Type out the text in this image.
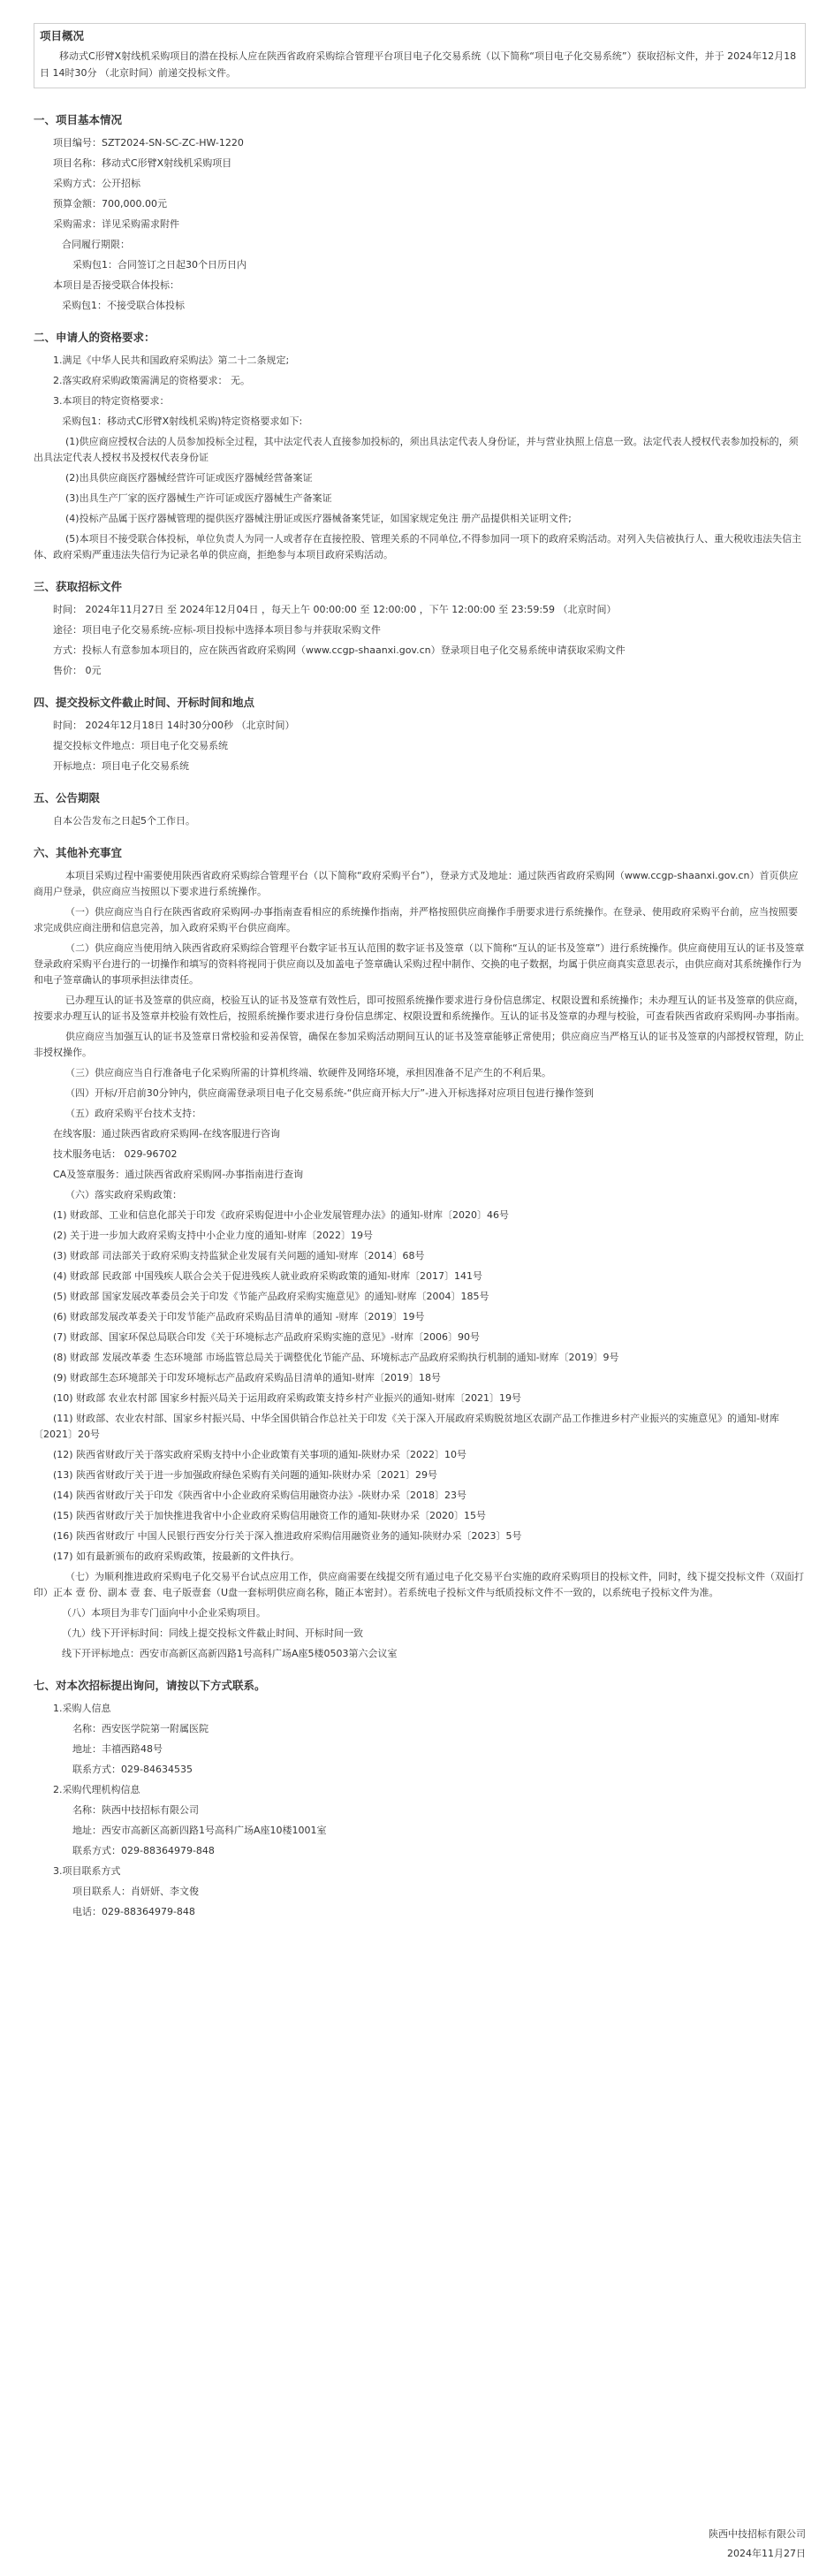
项目概况

移动式C形臂X射线机采购项目的潜在投标人应在陕西省政府采购综合管理平台项目电子化交易系统（以下简称“项目电子化交易系统”）获取招标文件，并于 2024年12月18日 14时30分 （北京时间）前递交投标文件。

一、项目基本情况

项目编号：SZT2024-SN-SC-ZC-HW-1220

项目名称：移动式C形臂X射线机采购项目

采购方式：公开招标

预算金额：700,000.00元

采购需求：详见采购需求附件

合同履行期限：

采购包1：合同签订之日起30个日历日内

本项目是否接受联合体投标：

采购包1：不接受联合体投标

二、申请人的资格要求：

1.满足《中华人民共和国政府采购法》第二十二条规定;

2.落实政府采购政策需满足的资格要求： 无。

3.本项目的特定资格要求：

采购包1：移动式C形臂X射线机采购)特定资格要求如下:

(1)供应商应授权合法的人员参加投标全过程，其中法定代表人直接参加投标的，须出具法定代表人身份证，并与营业执照上信息一致。法定代表人授权代表参加投标的，须出具法定代表人授权书及授权代表身份证

(2)出具供应商医疗器械经营许可证或医疗器械经营备案证

(3)出具生产厂家的医疗器械生产许可证或医疗器械生产备案证

(4)投标产品属于医疗器械管理的提供医疗器械注册证或医疗器械备案凭证，如国家规定免注 册产品提供相关证明文件;

(5)本项目不接受联合体投标，单位负责人为同一人或者存在直接控股、管理关系的不同单位,不得参加同一项下的政府采购活动。对列入失信被执行人、重大税收违法失信主体、政府采购严重违法失信行为记录名单的供应商，拒绝参与本项目政府采购活动。

三、获取招标文件

时间： 2024年11月27日 至 2024年12月04日 ，每天上午 00:00:00 至 12:00:00 ，下午 12:00:00 至 23:59:59 （北京时间）

途径：项目电子化交易系统-应标-项目投标中选择本项目参与并获取采购文件

方式：投标人有意参加本项目的，应在陕西省政府采购网（www.ccgp-shaanxi.gov.cn）登录项目电子化交易系统申请获取采购文件

售价： 0元

四、提交投标文件截止时间、开标时间和地点

时间： 2024年12月18日 14时30分00秒 （北京时间）

提交投标文件地点：项目电子化交易系统

开标地点：项目电子化交易系统

五、公告期限

自本公告发布之日起5个工作日。

六、其他补充事宜

本项目采购过程中需要使用陕西省政府采购综合管理平台（以下简称“政府采购平台”），登录方式及地址：通过陕西省政府采购网（www.ccgp-shaanxi.gov.cn）首页供应商用户登录，供应商应当按照以下要求进行系统操作。

（一）供应商应当自行在陕西省政府采购网-办事指南查看相应的系统操作指南，并严格按照供应商操作手册要求进行系统操作。在登录、使用政府采购平台前，应当按照要求完成供应商注册和信息完善，加入政府采购平台供应商库。

（二）供应商应当使用纳入陕西省政府采购综合管理平台数字证书互认范围的数字证书及签章（以下简称“互认的证书及签章”）进行系统操作。供应商使用互认的证书及签章登录政府采购平台进行的一切操作和填写的资料将视同于供应商以及加盖电子签章确认采购过程中制作、交换的电子数据，均属于供应商真实意思表示，由供应商对其系统操作行为和电子签章确认的事项承担法律责任。

已办理互认的证书及签章的供应商，校验互认的证书及签章有效性后，即可按照系统操作要求进行身份信息绑定、权限设置和系统操作；未办理互认的证书及签章的供应商，按要求办理互认的证书及签章并校验有效性后，按照系统操作要求进行身份信息绑定、权限设置和系统操作。互认的证书及签章的办理与校验，可查看陕西省政府采购网-办事指南。

供应商应当加强互认的证书及签章日常校验和妥善保管，确保在参加采购活动期间互认的证书及签章能够正常使用；供应商应当严格互认的证书及签章的内部授权管理，防止非授权操作。

（三）供应商应当自行准备电子化采购所需的计算机终端、软硬件及网络环境，承担因准备不足产生的不利后果。

（四）开标/开启前30分钟内，供应商需登录项目电子化交易系统-“供应商开标大厅”-进入开标选择对应项目包进行操作签到

（五）政府采购平台技术支持：

在线客服：通过陕西省政府采购网-在线客服进行咨询

技术服务电话： 029-96702

CA及签章服务：通过陕西省政府采购网-办事指南进行查询

（六）落实政府采购政策：

(1) 财政部、工业和信息化部关于印发《政府采购促进中小企业发展管理办法》的通知-财库〔2020〕46号

(2) 关于进一步加大政府采购支持中小企业力度的通知-财库〔2022〕19号

(3) 财政部 司法部关于政府采购支持监狱企业发展有关问题的通知-财库〔2014〕68号

(4) 财政部 民政部 中国残疾人联合会关于促进残疾人就业政府采购政策的通知-财库〔2017〕141号

(5) 财政部 国家发展改革委员会关于印发《节能产品政府采购实施意见》的通知-财库〔2004〕185号

(6) 财政部发展改革委关于印发节能产品政府采购品目清单的通知 -财库〔2019〕19号

(7) 财政部、国家环保总局联合印发《关于环境标志产品政府采购实施的意见》-财库〔2006〕90号

(8) 财政部 发展改革委 生态环境部 市场监管总局关于调整优化节能产品、环境标志产品政府采购执行机制的通知-财库〔2019〕9号

(9) 财政部生态环境部关于印发环境标志产品政府采购品目清单的通知-财库〔2019〕18号

(10) 财政部 农业农村部 国家乡村振兴局关于运用政府采购政策支持乡村产业振兴的通知-财库〔2021〕19号

(11) 财政部、农业农村部、国家乡村振兴局、中华全国供销合作总社关于印发《关于深入开展政府采购脱贫地区农副产品工作推进乡村产业振兴的实施意见》的通知-财库〔2021〕20号

(12) 陕西省财政厅关于落实政府采购支持中小企业政策有关事项的通知-陕财办采〔2022〕10号

(13) 陕西省财政厅关于进一步加强政府绿色采购有关问题的通知-陕财办采〔2021〕29号

(14) 陕西省财政厅关于印发《陕西省中小企业政府采购信用融资办法》-陕财办采〔2018〕23号

(15) 陕西省财政厅关于加快推进我省中小企业政府采购信用融资工作的通知-陕财办采〔2020〕15号

(16) 陕西省财政厅 中国人民银行西安分行关于深入推进政府采购信用融资业务的通知-陕财办采〔2023〕5号

(17) 如有最新颁布的政府采购政策，按最新的文件执行。

（七）为顺利推进政府采购电子化交易平台试点应用工作，供应商需要在线提交所有通过电子化交易平台实施的政府采购项目的投标文件，同时，线下提交投标文件（双面打印）正本 壹 份、副本 壹 套、电子版壹套（U盘一套标明供应商名称，随正本密封）。若系统电子投标文件与纸质投标文件不一致的，以系统电子投标文件为准。

（八）本项目为非专门面向中小企业采购项目。

（九）线下开评标时间：同线上提交投标文件截止时间、开标时间一致

线下开评标地点：西安市高新区高新四路1号高科广场A座5楼0503第六会议室

七、对本次招标提出询问，请按以下方式联系。

1.采购人信息

名称：西安医学院第一附属医院

地址：丰禧西路48号

联系方式：029-84634535

2.采购代理机构信息

名称：陕西中技招标有限公司

地址：西安市高新区高新四路1号高科广场A座10楼1001室

联系方式：029-88364979-848

3.项目联系方式

项目联系人：肖妍妍、李文俊

电话：029-88364979-848

陕西中技招标有限公司
2024年11月27日
